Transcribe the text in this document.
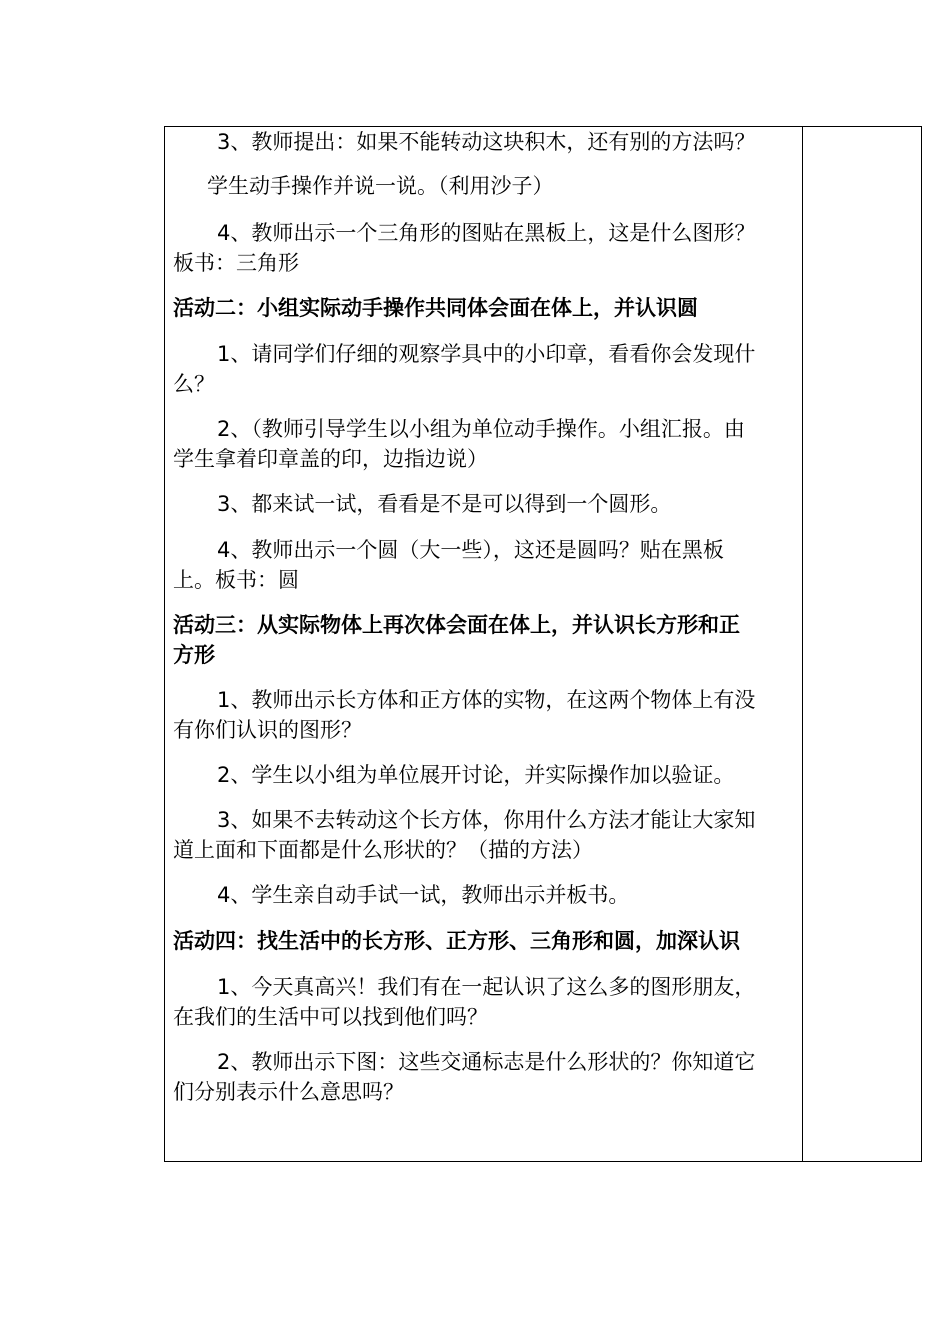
3、教师提出：如果不能转动这块积木，还有别的方法吗？

学生动手操作并说一说。（利用沙子）

4、教师出示一个三角形的图贴在黑板上，这是什么图形？

板书：三角形

活动二：小组实际动手操作共同体会面在体上，并认识圆

1、请同学们仔细的观察学具中的小印章，看看你会发现什

么？

2、（教师引导学生以小组为单位动手操作。小组汇报。由

学生拿着印章盖的印，边指边说）

3、都来试一试，看看是不是可以得到一个圆形。

4、教师出示一个圆（大一些），这还是圆吗？贴在黑板

上。板书：圆

活动三：从实际物体上再次体会面在体上，并认识长方形和正

方形

1、教师出示长方体和正方体的实物，在这两个物体上有没

有你们认识的图形？

2、学生以小组为单位展开讨论，并实际操作加以验证。

3、如果不去转动这个长方体，你用什么方法才能让大家知

道上面和下面都是什么形状的？（描的方法）

4、学生亲自动手试一试，教师出示并板书。

活动四：找生活中的长方形、正方形、三角形和圆，加深认识

1、今天真高兴！我们有在一起认识了这么多的图形朋友，

在我们的生活中可以找到他们吗？

2、教师出示下图：这些交通标志是什么形状的？你知道它

们分别表示什么意思吗？
